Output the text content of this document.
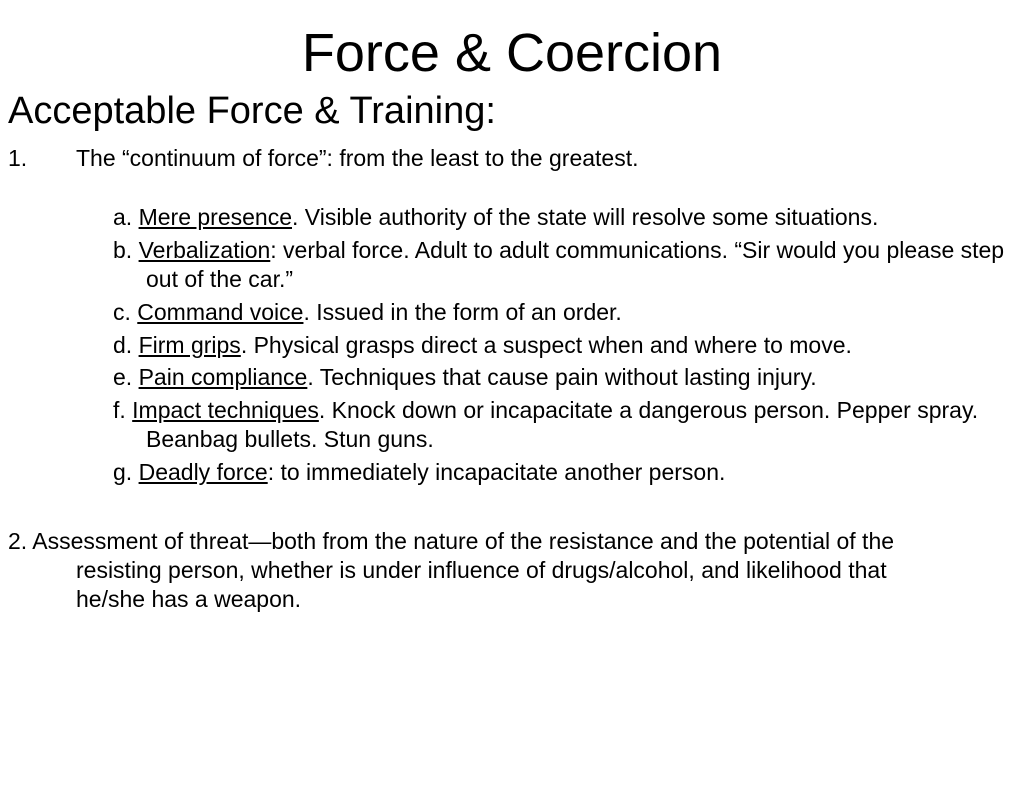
Force & Coercion
Acceptable Force & Training:
1. The “continuum of force”: from the least to the greatest.
a. Mere presence. Visible authority of the state will resolve some situations.
b. Verbalization: verbal force. Adult to adult communications. “Sir would you please step out of the car.”
c. Command voice. Issued in the form of an order.
d. Firm grips. Physical grasps direct a suspect when and where to move.
e. Pain compliance. Techniques that cause pain without lasting injury.
f. Impact techniques. Knock down or incapacitate a dangerous person. Pepper spray. Beanbag bullets. Stun guns.
g. Deadly force: to immediately incapacitate another person.
2. Assessment of threat—both from the nature of the resistance and the potential of the resisting person, whether is under influence of drugs/alcohol, and likelihood that he/she has a weapon.
